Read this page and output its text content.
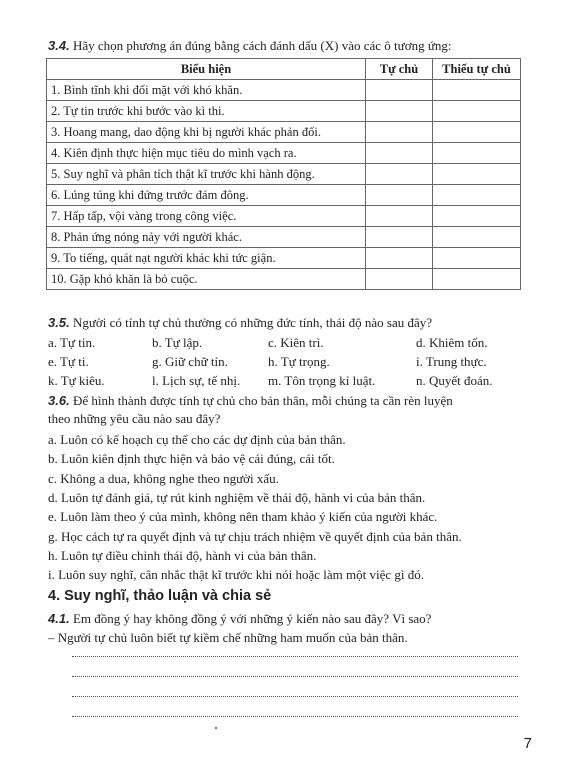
3.4. Hãy chọn phương án đúng bằng cách đánh dấu (X) vào các ô tương ứng:
Biểu hiện	Tự chủ	Thiếu tự chủ
1. Bình tĩnh khi đối mặt với khó khăn.		
2. Tự tin trước khi bước vào kì thi.		
3. Hoang mang, dao động khi bị người khác phản đối.		
4. Kiên định thực hiện mục tiêu do mình vạch ra.		
5. Suy nghĩ và phân tích thật kĩ trước khi hành động.		
6. Lúng túng khi đứng trước đám đông.		
7. Hấp tấp, vội vàng trong công việc.		
8. Phản ứng nóng nảy với người khác.		
9. To tiếng, quát nạt người khác khi tức giận.		
10. Gặp khó khăn là bỏ cuộc.		
3.5. Người có tính tự chủ thường có những đức tính, thái độ nào sau đây?
a. Tự tin.	b. Tự lập.	c. Kiên trì.	d. Khiêm tốn.
e. Tự ti.	g. Giữ chữ tín.	h. Tự trọng.	i. Trung thực.
k. Tự kiêu.	l. Lịch sự, tế nhị. m. Tôn trọng kỉ luật.	n. Quyết đoán.
3.6. Để hình thành được tính tự chủ cho bản thân, mỗi chúng ta cần rèn luyện
theo những yêu cầu nào sau đây?
a. Luôn có kế hoạch cụ thể cho các dự định của bản thân.
b. Luôn kiên định thực hiện và bảo vệ cái đúng, cái tốt.
c. Không a dua, không nghe theo người xấu.
d. Luôn tự đánh giá, tự rút kinh nghiệm về thái độ, hành vi của bản thân.
e. Luôn làm theo ý của mình, không nên tham khảo ý kiến của người khác.
g. Học cách tự ra quyết định và tự chịu trách nhiệm về quyết định của bản thân.
h. Luôn tự điều chỉnh thái độ, hành vi của bản thân.
i. Luôn suy nghĩ, cân nhắc thật kĩ trước khi nói hoặc làm một việc gì đó.
4. Suy nghĩ, thảo luận và chia sẻ
4.1. Em đồng ý hay không đồng ý với những ý kiến nào sau đây? Vì sao?
– Người tự chủ luôn biết tự kiềm chế những ham muốn của bản thân.
7
